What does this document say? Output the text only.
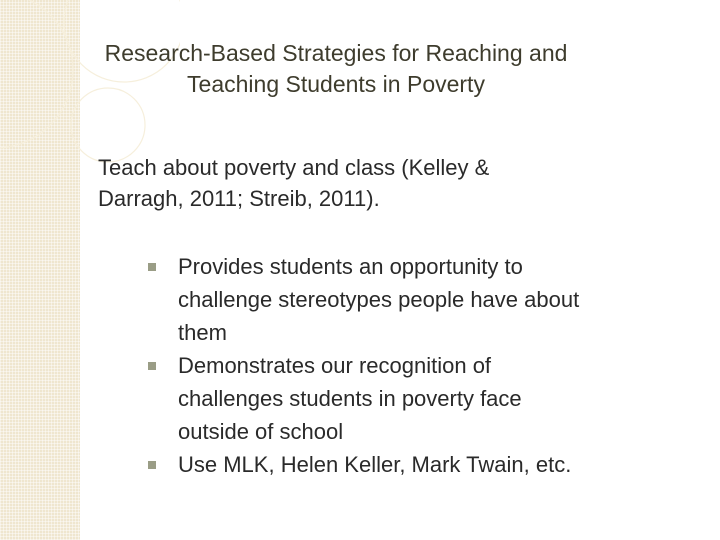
Research-Based Strategies for Reaching and
Teaching Students in Poverty
Teach about poverty and class (Kelley &
Darragh, 2011; Streib, 2011).
Provides students an opportunity to
challenge stereotypes people have about
them
Demonstrates our recognition of
challenges students in poverty face
outside of school
Use MLK, Helen Keller, Mark Twain, etc.
